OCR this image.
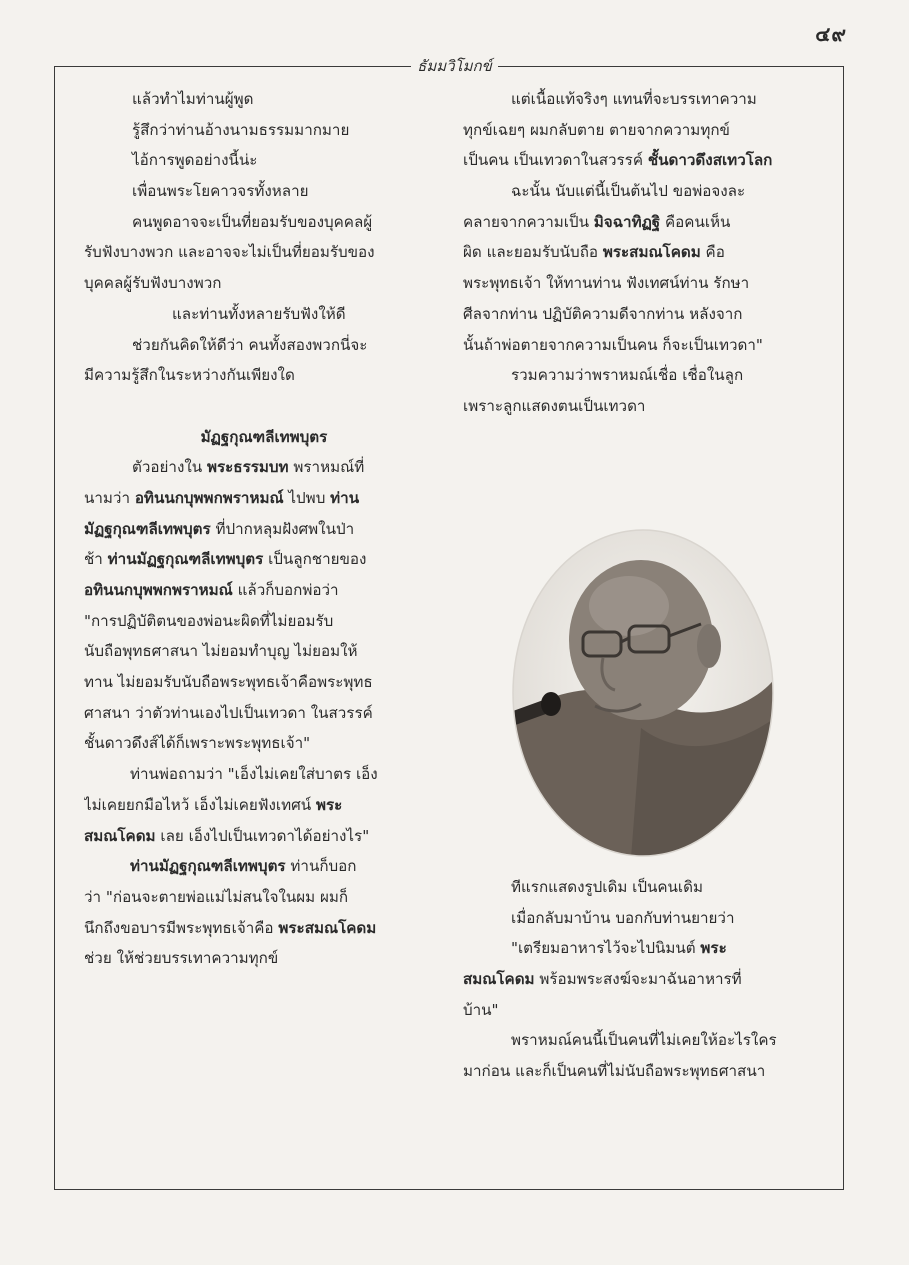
๔๙
ธัมมวิโมกข์
แล้วทำไมท่านผู้พูด
รู้สึกว่าท่านอ้างนามธรรมมากมาย
ไอ้การพูดอย่างนี้น่ะ
เพื่อนพระโยคาวจรทั้งหลาย
คนพูดอาจจะเป็นที่ยอมรับของบุคคลผู้
รับฟังบางพวก และอาจจะไม่เป็นที่ยอมรับของ
บุคคลผู้รับฟังบางพวก
และท่านทั้งหลายรับฟังให้ดี
ช่วยกันคิดให้ดีว่า คนทั้งสองพวกนี่จะ
มีความรู้สึกในระหว่างกันเพียงใด
มัฏฐกุณฑลีเทพบุตร
ตัวอย่างใน พระธรรมบท พราหมณ์ที่
นามว่า อทินนกบุพพกพราหมณ์ ไปพบ ท่าน
มัฏฐกุณฑลีเทพบุตร ที่ปากหลุมฝังศพในป่า
ช้า ท่านมัฏฐกุณฑลีเทพบุตร เป็นลูกชายของ
อทินนกบุพพกพราหมณ์ แล้วก็บอกพ่อว่า
"การปฏิบัติตนของพ่อนะผิดที่ไม่ยอมรับ
นับถือพุทธศาสนา ไม่ยอมทำบุญ ไม่ยอมให้
ทาน ไม่ยอมรับนับถือพระพุทธเจ้าคือพระพุทธ
ศาสนา ว่าตัวท่านเองไปเป็นเทวดา ในสวรรค์
ชั้นดาวดึงส์ได้ก็เพราะพระพุทธเจ้า"
ท่านพ่อถามว่า "เอ็งไม่เคยใส่บาตร เอ็ง
ไม่เคยยกมือไหว้ เอ็งไม่เคยฟังเทศน์ พระ
สมณโคดม เลย เอ็งไปเป็นเทวดาได้อย่างไร"
ท่านมัฏฐกุณฑลีเทพบุตร ท่านก็บอก
ว่า "ก่อนจะตายพ่อแม่ไม่สนใจในผม ผมก็
นึกถึงขอบารมีพระพุทธเจ้าคือ พระสมณโคดม
ช่วย ให้ช่วยบรรเทาความทุกข์
แต่เนื้อแท้จริงๆ แทนที่จะบรรเทาความ
ทุกข์เฉยๆ ผมกลับตาย ตายจากความทุกข์
เป็นคน เป็นเทวดาในสวรรค์ ชั้นดาวดึงสเทวโลก
ฉะนั้น นับแต่นี้เป็นต้นไป ขอพ่อจงละ
คลายจากความเป็น มิจฉาทิฏฐิ คือคนเห็น
ผิด และยอมรับนับถือ พระสมณโคดม คือ
พระพุทธเจ้า ให้ทานท่าน ฟังเทศน์ท่าน รักษา
ศีลจากท่าน ปฏิบัติความดีจากท่าน หลังจาก
นั้นถ้าพ่อตายจากความเป็นคน ก็จะเป็นเทวดา"
รวมความว่าพราหมณ์เชื่อ เชื่อในลูก
เพราะลูกแสดงตนเป็นเทวดา
ทีแรกแสดงรูปเดิม เป็นคนเดิม
เมื่อกลับมาบ้าน บอกกับท่านยายว่า
"เตรียมอาหารไว้จะไปนิมนต์ พระ
สมณโคดม พร้อมพระสงฆ์จะมาฉันอาหารที่
บ้าน"
พราหมณ์คนนี้เป็นคนที่ไม่เคยให้อะไรใคร
มาก่อน และก็เป็นคนที่ไม่นับถือพระพุทธศาสนา
